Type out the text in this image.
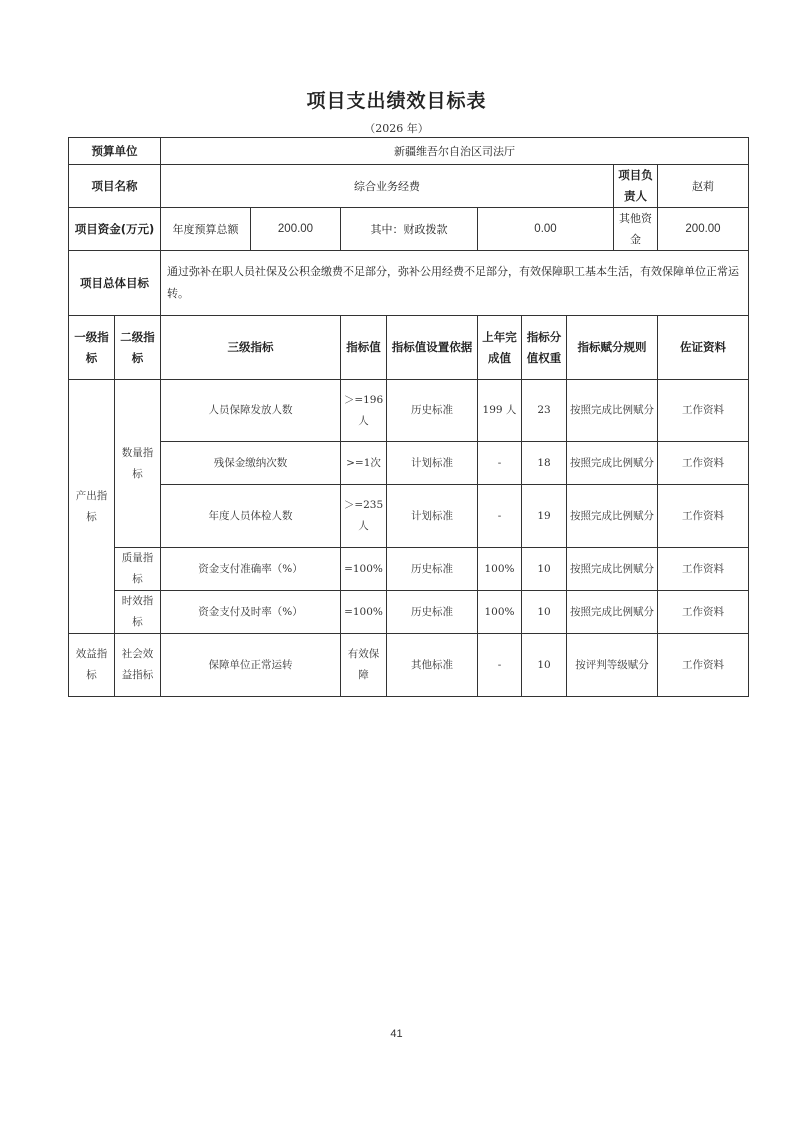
项目支出绩效目标表
（2026 年）
预算单位		新疆维吾尔自治区司法厅								
项目名称		综合业务经费							项目负责人	赵莉
项目资金(万元)		年度预算总额	200.00	其中：财政拨款		0.00			其他资金	200.00
项目总体目标		通过弥补在职人员社保及公积金缴费不足部分，弥补公用经费不足部分，有效保障职工基本生活，有效保障单位正常运转。								
一级指标	二级指标	三级指标		指标值	指标值设置依据	上年完成值	指标分值权重	指标赋分规则		佐证资料
产出指标	数量指标	人员保障发放人数		＞=196人	历史标准	199 人	23	按照完成比例赋分		工作资料
		残保金缴纳次数		>=1次	计划标准	-	18	按照完成比例赋分		工作资料
		年度人员体检人数		＞=235人	计划标准	-	19	按照完成比例赋分		工作资料
	质量指标	资金支付准确率（%）		=100%	历史标准	100%	10	按照完成比例赋分		工作资料
	时效指标	资金支付及时率（%）		=100%	历史标准	100%	10	按照完成比例赋分		工作资料
效益指标	社会效益指标	保障单位正常运转		有效保障	其他标准	-	10	按评判等级赋分		工作资料
41
